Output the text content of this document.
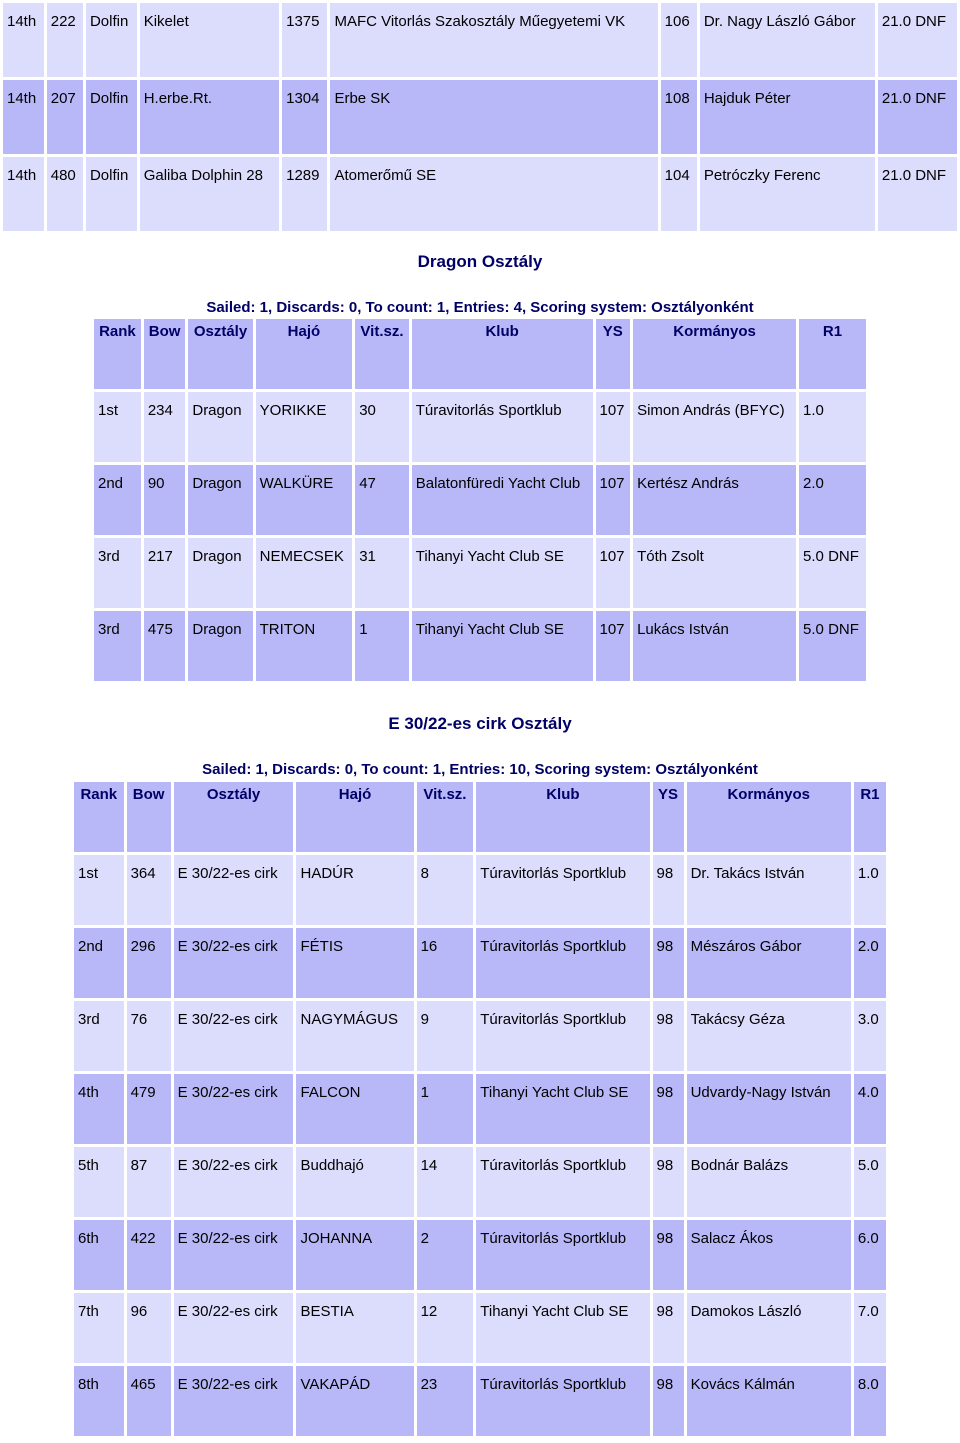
14th	222	Dolfin	Kikelet	1375	MAFC Vitorlás Szakosztály Műegyetemi VK	106	Dr. Nagy László Gábor	21.0 DNF
14th	207	Dolfin	H.erbe.Rt.	1304	Erbe SK	108	Hajduk Péter	21.0 DNF
14th	480	Dolfin	Galiba Dolphin 28	1289	Atomerőmű SE	104	Petróczky Ferenc	21.0 DNF
Dragon Osztály
Sailed: 1, Discards: 0, To count: 1, Entries: 4, Scoring system: Osztályonként
Rank	Bow	Osztály	Hajó	Vit.sz.	Klub	YS	Kormányos	R1
1st	234	Dragon	YORIKKE	30	Túravitorlás Sportklub	107	Simon András (BFYC)	1.0
2nd	90	Dragon	WALKÜRE	47	Balatonfüredi Yacht Club	107	Kertész András	2.0
3rd	217	Dragon	NEMECSEK	31	Tihanyi Yacht Club SE	107	Tóth Zsolt	5.0 DNF
3rd	475	Dragon	TRITON	1	Tihanyi Yacht Club SE	107	Lukács István	5.0 DNF
E 30/22-es cirk Osztály
Sailed: 1, Discards: 0, To count: 1, Entries: 10, Scoring system: Osztályonként
Rank	Bow	Osztály	Hajó	Vit.sz.	Klub	YS	Kormányos	R1
1st	364	E 30/22-es cirk	HADÚR	8	Túravitorlás Sportklub	98	Dr. Takács István	1.0
2nd	296	E 30/22-es cirk	FÉTIS	16	Túravitorlás Sportklub	98	Mészáros Gábor	2.0
3rd	76	E 30/22-es cirk	NAGYMÁGUS	9	Túravitorlás Sportklub	98	Takácsy Géza	3.0
4th	479	E 30/22-es cirk	FALCON	1	Tihanyi Yacht Club SE	98	Udvardy-Nagy István	4.0
5th	87	E 30/22-es cirk	Buddhajó	14	Túravitorlás Sportklub	98	Bodnár Balázs	5.0
6th	422	E 30/22-es cirk	JOHANNA	2	Túravitorlás Sportklub	98	Salacz Ákos	6.0
7th	96	E 30/22-es cirk	BESTIA	12	Tihanyi Yacht Club SE	98	Damokos László	7.0
8th	465	E 30/22-es cirk	VAKAPÁD	23	Túravitorlás Sportklub	98	Kovács Kálmán	8.0
